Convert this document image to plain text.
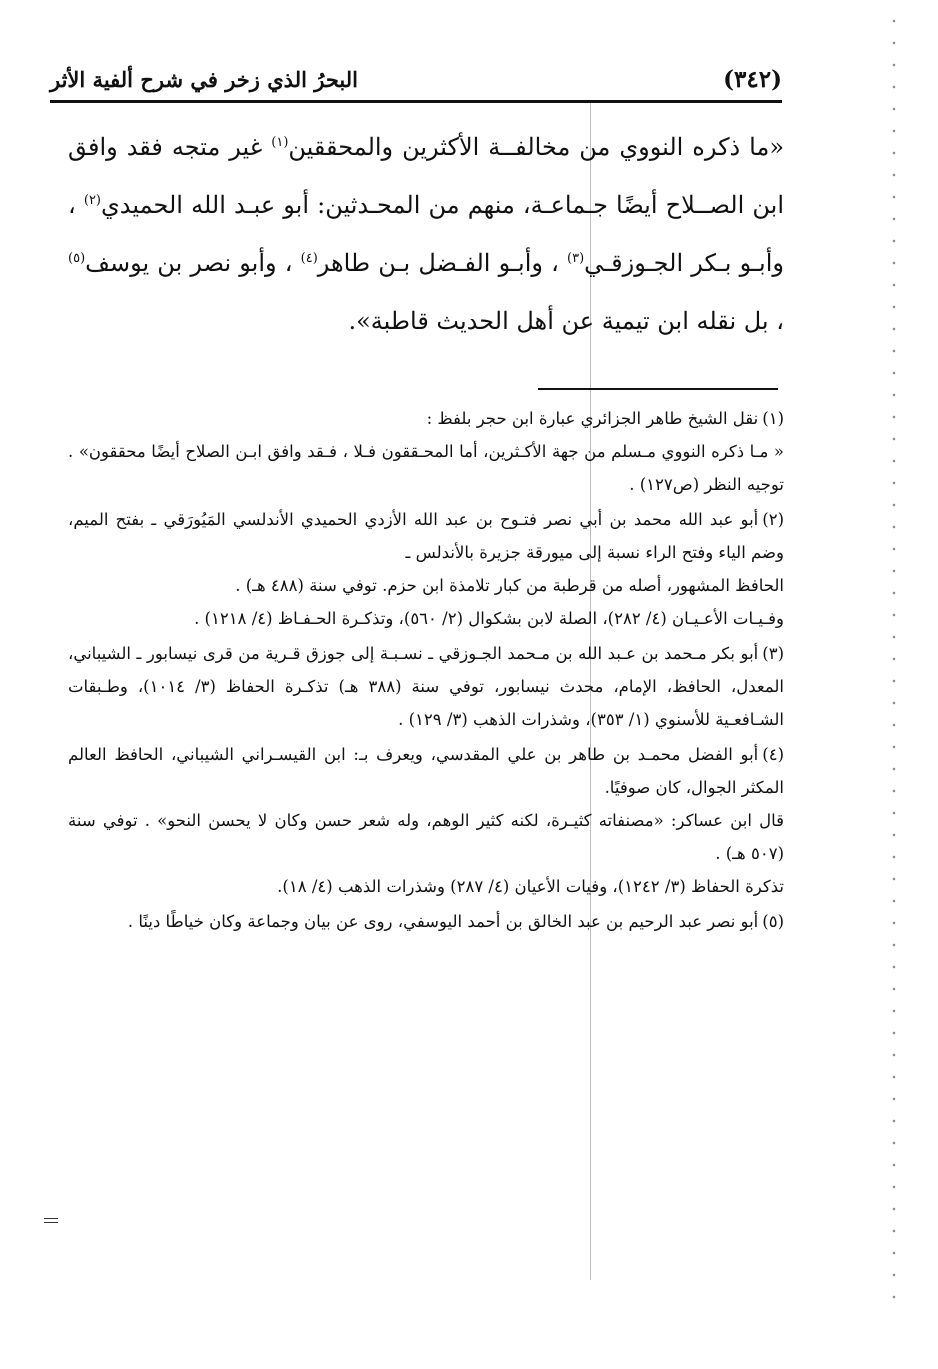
البحرُ الذي زخر في شرح ألفية الأثر	(٣٤٢)

«ما ذكره النووي من مخالفــة الأكثرين والمحققين$^{(١)}$ غير متجه فقد وافق ابن الصــلاح أيضًا جـماعـة، منهم من المحـدثين: أبو عبـد الله الحميدي$^{(٢)}$ ، وأبـو بـكر الجـوزقـي$^{(٣)}$ ، وأبـو الفـضل بـن طاهر$^{(٤)}$ ، وأبو نصر بن يوسف$^{(٥)}$ ، بل نقله ابن تيمية عن أهل الحديث قاطبة».

(١)نقل الشيخ طاهر الجزائري عبارة ابن حجر بلفظ :
« مـا ذكره النووي مـسلم من جهة الأكـثرين، أما المحـققون فـلا ، فـقد وافق ابـن الصلاح أيضًا محققون» . توجيه النظر (ص١٢٧) .

(٢)أبو عبد الله محمد بن أبي نصر فتـوح بن عبد الله الأزدي الحميدي الأندلسي المَيُورَقي ـ بفتح الميم، وضم الياء وفتح الراء نسبة إلى ميورقة جزيرة بالأندلس ـ
الحافظ المشهور، أصله من قرطبة من كبار تلامذة ابن حزم. توفي سنة (٤٨٨ هـ) .
وفـيـات الأعـيـان (٤/ ٢٨٢)، الصلة لابن بشكوال (٢/ ٥٦٠)، وتذكـرة الحـفـاظ (٤/ ١٢١٨) .

(٣)أبو بكر مـحمد بن عـبد الله بن مـحمد الجـوزقي ـ نسـبـة إلى جوزق قـرية من قرى نيسابور ـ الشيباني، المعدل، الحافظ، الإمام، محدث نيسابور، توفي سنة (٣٨٨ هـ) تذكـرة الحفاظ (٣/ ١٠١٤)، وطـبقات الشـافعـية للأسنوي (١/ ٣٥٣)، وشذرات الذهب (٣/ ١٢٩) .

(٤)أبو الفضل محمـد بن طاهر بن علي المقدسي، ويعرف بـ: ابن القيسـراني الشيباني، الحافظ العالم المكثر الجوال، كان صوفيًا.
قال ابن عساكر: «مصنفاته كثيـرة، لكنه كثير الوهم، وله شعر حسن وكان لا يحسن النحو» . توفي سنة (٥٠٧ هـ) .
تذكرة الحفاظ (٣/ ١٢٤٢)، وفيات الأعيان (٤/ ٢٨٧) وشذرات الذهب (٤/ ١٨).

(٥)أبو نصر عبد الرحيم بن عبد الخالق بن أحمد اليوسفي، روى عن بيان وجماعة وكان خياطًا دينًا .
